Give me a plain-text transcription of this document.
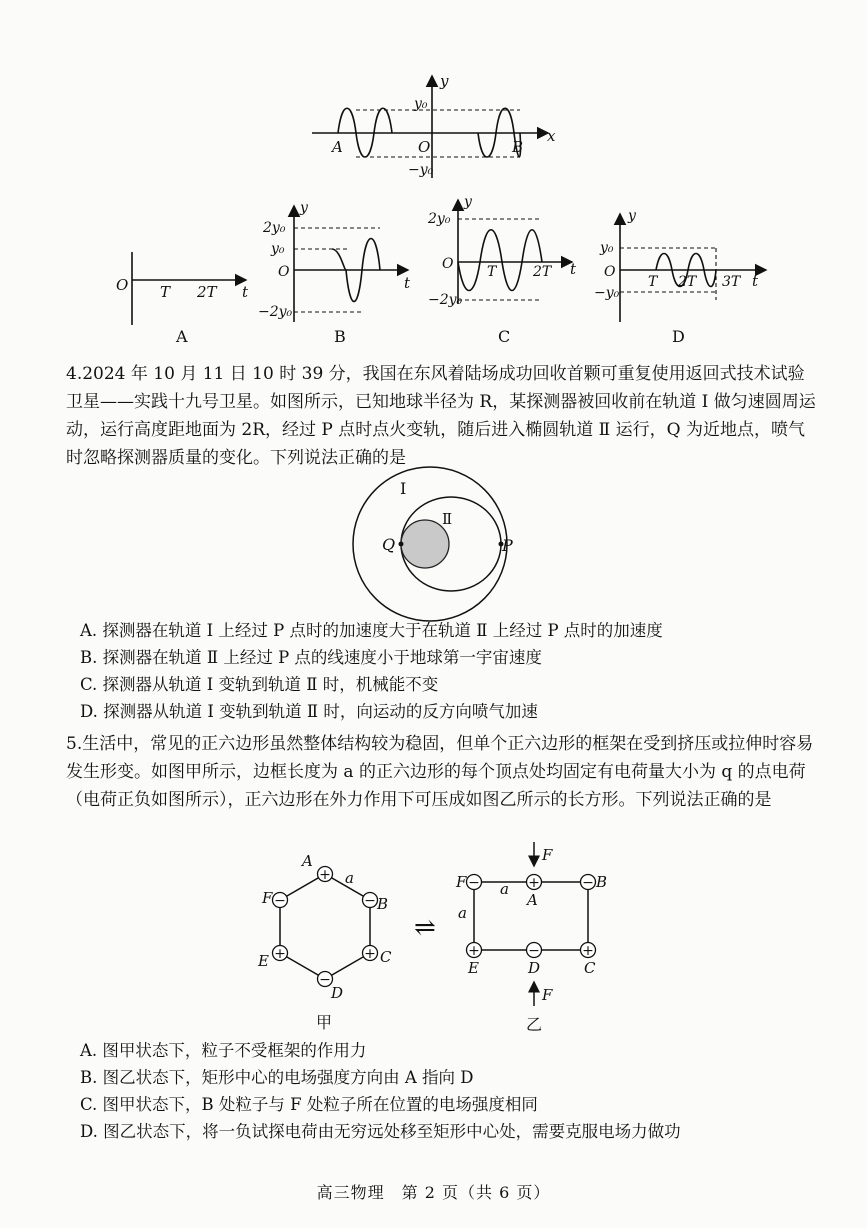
y
x
y₀
−y₀
A	O	B
O T 2T t
A
y
2y₀
y₀
O
−2y₀
t
B
y
2y₀
O
−2y₀
T	2T t
C
y
y₀
O
−y₀
T 2T 3T t
D
Ⅰ
Ⅱ
Q	P
+
−
+
−
+
−
A
B
C
D
E
F
a
甲
⇌
−	+	−
+	−	+
F
A
B
E	D	C
a
a
F
F
乙
4.2024 年 10 月 11 日 10 时 39 分，我国在东风着陆场成功回收首颗可重复使用返回式技术试验卫星——实践十九号卫星。如图所示，已知地球半径为 R，某探测器被回收前在轨道 Ⅰ 做匀速圆周运动，运行高度距地面为 2R，经过 P 点时点火变轨，随后进入椭圆轨道 Ⅱ 运行，Q 为近地点，喷气时忽略探测器质量的变化。下列说法正确的是
A. 探测器在轨道 Ⅰ 上经过 P 点时的加速度大于在轨道 Ⅱ 上经过 P 点时的加速度
B. 探测器在轨道 Ⅱ 上经过 P 点的线速度小于地球第一宇宙速度
C. 探测器从轨道 Ⅰ 变轨到轨道 Ⅱ 时，机械能不变
D. 探测器从轨道 Ⅰ 变轨到轨道 Ⅱ 时，向运动的反方向喷气加速
5.生活中，常见的正六边形虽然整体结构较为稳固，但单个正六边形的框架在受到挤压或拉伸时容易发生形变。如图甲所示，边框长度为 a 的正六边形的每个顶点处均固定有电荷量大小为 q 的点电荷（电荷正负如图所示），正六边形在外力作用下可压成如图乙所示的长方形。下列说法正确的是
A. 图甲状态下，粒子不受框架的作用力
B. 图乙状态下，矩形中心的电场强度方向由 A 指向 D
C. 图甲状态下，B 处粒子与 F 处粒子所在位置的电场强度相同
D. 图乙状态下，将一负试探电荷由无穷远处移至矩形中心处，需要克服电场力做功
高三物理　第 2 页（共 6 页）
